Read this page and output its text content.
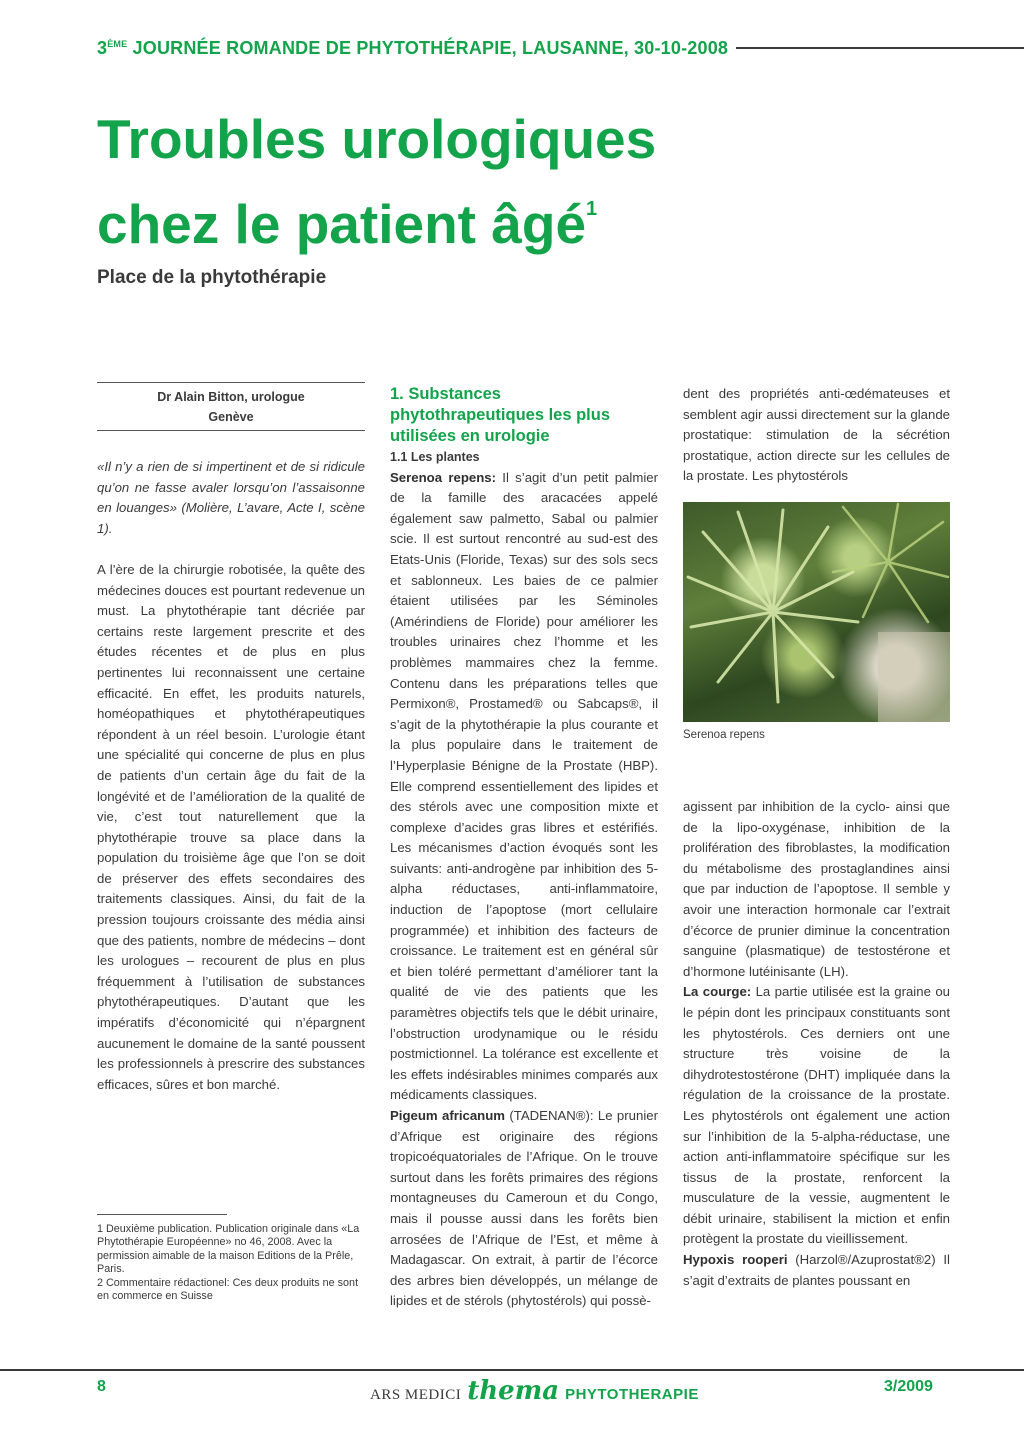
3ÈME JOURNÉE ROMANDE DE PHYTOTHÉRAPIE, LAUSANNE, 30-10-2008
Troubles urologiques
chez le patient âgé$^1$
Place de la phytothérapie
Dr Alain Bitton, urologue
Genève

«Il n’y a rien de si impertinent et de si ridicule qu’on ne fasse avaler lorsqu’on l’assaisonne en louanges» (Molière, L’avare, Acte I, scène 1).

A l’ère de la chirurgie robotisée, la quête des médecines douces est pourtant redevenue un must. La phytothérapie tant décriée par certains reste largement prescrite et des études récentes et de plus en plus pertinentes lui reconnaissent une certaine efficacité. En effet, les produits naturels, homéopathiques et phytothérapeutiques répondent à un réel besoin. L’urologie étant une spécialité qui concerne de plus en plus de patients d’un certain âge du fait de la longévité et de l’amélioration de la qualité de vie, c’est tout naturellement que la phytothérapie trouve sa place dans la population du troisième âge que l’on se doit de préserver des effets secondaires des traitements classiques. Ainsi, du fait de la pression toujours croissante des média ainsi que des patients, nombre de médecins – dont les urologues – recourent de plus en plus fréquemment à l’utilisation de substances phytothérapeutiques. D’autant que les impératifs d’économicité qui n’épargnent aucunement le domaine de la santé poussent les professionnels à prescrire des substances efficaces, sûres et bon marché.

1. Substances phytothrapeutiques les plus utilisées en urologie
1.1 Les plantes

Serenoa repens: Il s’agit d’un petit palmier de la famille des aracacées appelé également saw palmetto, Sabal ou palmier scie. Il est surtout rencontré au sud-est des Etats-Unis (Floride, Texas) sur des sols secs et sablonneux. Les baies de ce palmier étaient utilisées par les Séminoles (Amérindiens de Floride) pour améliorer les troubles urinaires chez l’homme et les problèmes mammaires chez la femme. Contenu dans les préparations telles que Permixon®, Prostamed® ou Sabcaps®, il s’agit de la phytothérapie la plus courante et la plus populaire dans le traitement de l’Hyperplasie Bénigne de la Prostate (HBP). Elle comprend essentiellement des lipides et des stérols avec une composition mixte et complexe d’acides gras libres et estérifiés. Les mécanismes d’action évoqués sont les suivants: anti-androgène par inhibition des 5-alpha réductases, anti-inflammatoire, induction de l’apoptose (mort cellulaire programmée) et inhibition des facteurs de croissance. Le traitement est en général sûr et bien toléré permettant d’améliorer tant la qualité de vie des patients que les paramètres objectifs tels que le débit urinaire, l’obstruction urodynamique ou le résidu postmictionnel. La tolérance est excellente et les effets indésirables minimes comparés aux médicaments classiques.

Pigeum africanum (TADENAN®): Le prunier d’Afrique est originaire des régions tropicoéquatoriales de l’Afrique. On le trouve surtout dans les forêts primaires des régions montagneuses du Cameroun et du Congo, mais il pousse aussi dans les forêts bien arrosées de l’Afrique de l’Est, et même à Madagascar. On extrait, à partir de l’écorce des arbres bien développés, un mélange de lipides et de stérols (phytostérols) qui possè-

dent des propriétés anti-œdémateuses et semblent agir aussi directement sur la glande prostatique: stimulation de la sécrétion prostatique, action directe sur les cellules de la prostate. Les phytostérols

Serenoa repens

agissent par inhibition de la cyclo- ainsi que de la lipo-oxygénase, inhibition de la prolifération des fibroblastes, la modification du métabolisme des prostaglandines ainsi que par induction de l’apoptose. Il semble y avoir une interaction hormonale car l’extrait d’écorce de prunier diminue la concentration sanguine (plasmatique) de testostérone et d’hormone lutéinisante (LH).

La courge: La partie utilisée est la graine ou le pépin dont les principaux constituants sont les phytostérols. Ces derniers ont une structure très voisine de la dihydrotestostérone (DHT) impliquée dans la régulation de la croissance de la prostate. Les phytostérols ont également une action sur l’inhibition de la 5-alpha-réductase, une action anti-inflammatoire spécifique sur les tissus de la prostate, renforcent la musculature de la vessie, augmentent le débit urinaire, stabilisent la miction et enfin protègent la prostate du vieillissement.

Hypoxis rooperi (Harzol®/Azuprostat®2) Il s’agit d’extraits de plantes poussant en

1 Deuxième publication. Publication originale dans «La Phytothérapie Européenne» no 46, 2008. Avec la permission aimable de la maison Editions de la Prêle, Paris.

2 Commentaire rédactionel: Ces deux produits ne sont en commerce en Suisse

8	ARS MEDICI thema PHYTOTHERAPIE	3/2009
